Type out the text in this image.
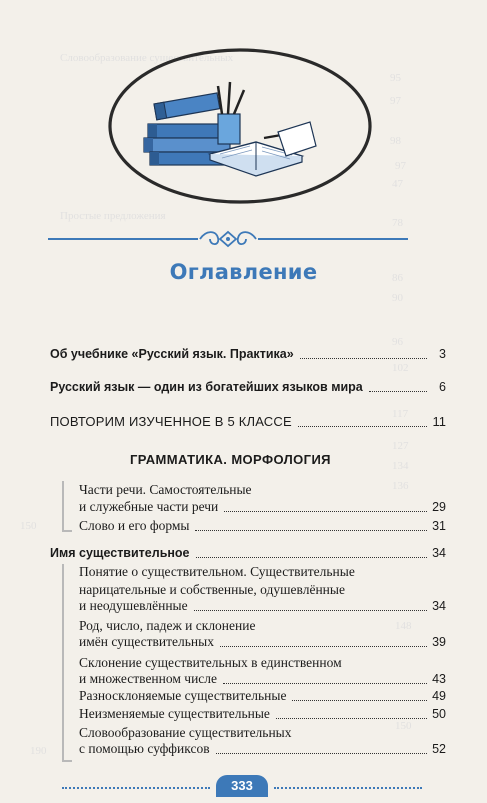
Словообразование существительных
95
97
98
97
47
78
Простые предложения
86
90
96
102
117
127
134
136
150
148
150
190
Оглавление
Об учебнике «Русский язык. Практика»	3
Русский язык — один из богатейших языков мира	6
ПОВТОРИМ ИЗУЧЕННОЕ В 5 КЛАССЕ	11
ГРАММАТИКА. МОРФОЛОГИЯ
Части речи. Самостоятельные
и служебные части речи	29
Слово и его формы	31
Имя существительное	34
Понятие о существительном. Существительные
нарицательные и собственные, одушевлённые
и неодушевлённые	34
Род, число, падеж и склонение
имён существительных	39
Склонение существительных в единственном
и множественном числе	43
Разносклоняемые существительные	49
Неизменяемые существительные	50
Словообразование существительных
с помощью суффиксов	52
333
